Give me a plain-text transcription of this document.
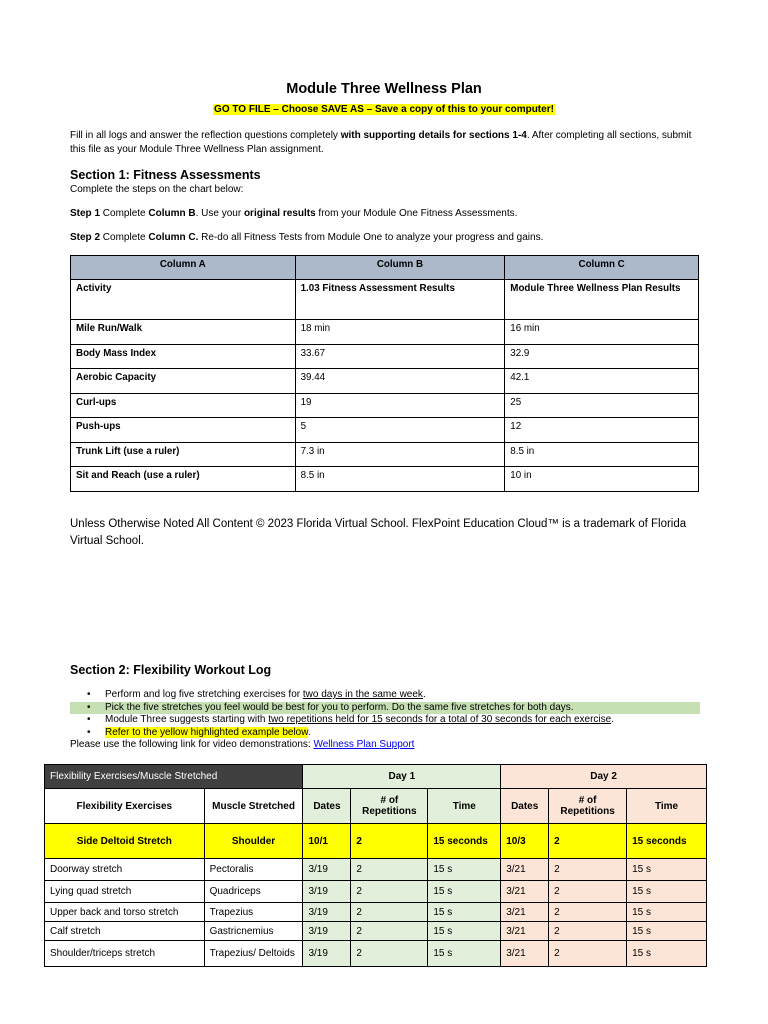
Module Three Wellness Plan
GO TO FILE – Choose SAVE AS – Save a copy of this to your computer!
Fill in all logs and answer the reflection questions completely with supporting details for sections 1-4. After completing all sections, submit this file as your Module Three Wellness Plan assignment.
Section 1: Fitness Assessments
Complete the steps on the chart below:
Step 1 Complete Column B. Use your original results from your Module One Fitness Assessments.
Step 2 Complete Column C. Re-do all Fitness Tests from Module One to analyze your progress and gains.
Column A	Column B	Column C
Activity	1.03 Fitness Assessment Results	Module Three Wellness Plan Results
Mile Run/Walk	18 min	16 min
Body Mass Index	33.67	32.9
Aerobic Capacity	39.44	42.1
Curl-ups	19	25
Push-ups	5	12
Trunk Lift (use a ruler)	7.3 in	8.5 in
Sit and Reach (use a ruler)	8.5 in	10 in
Unless Otherwise Noted All Content © 2023 Florida Virtual School. FlexPoint Education Cloud™ is a trademark of Florida Virtual School.
Section 2: Flexibility Workout Log
• Perform and log five stretching exercises for two days in the same week.
• Pick the five stretches you feel would be best for you to perform. Do the same five stretches for both days.
• Module Three suggests starting with two repetitions held for 15 seconds for a total of 30 seconds for each exercise.
• Refer to the yellow highlighted example below.
Please use the following link for video demonstrations: Wellness Plan Support
Flexibility Exercises/Muscle Stretched		Day 1			Day 2		
Flexibility Exercises	Muscle Stretched	Dates	# of Repetitions	Time	Dates	# of Repetitions	Time
Side Deltoid Stretch	Shoulder	10/1	2	15 seconds	10/3	2	15 seconds
Doorway stretch	Pectoralis	3/19	2	15 s	3/21	2	15 s
Lying quad stretch	Quadriceps	3/19	2	15 s	3/21	2	15 s
Upper back and torso stretch	Trapezius	3/19	2	15 s	3/21	2	15 s
Calf stretch	Gastricnemius	3/19	2	15 s	3/21	2	15 s
Shoulder/triceps stretch	Trapezius/ Deltoids	3/19	2	15 s	3/21	2	15 s
